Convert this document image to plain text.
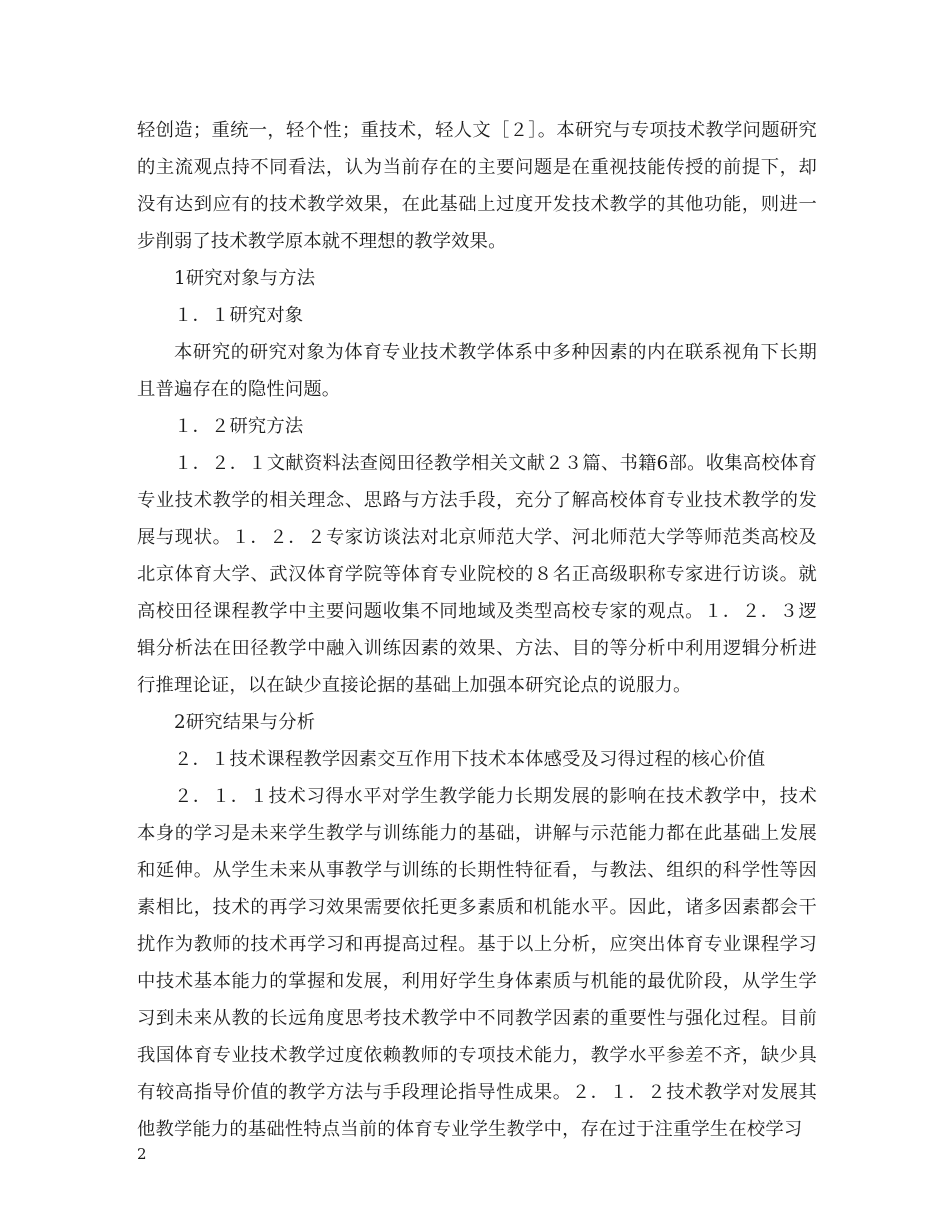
轻创造；重统一，轻个性；重技术，轻人文［２］。本研究与专项技术教学问题研究的主流观点持不同看法，认为当前存在的主要问题是在重视技能传授的前提下，却没有达到应有的技术教学效果，在此基础上过度开发技术教学的其他功能，则进一步削弱了技术教学原本就不理想的教学效果。

1研究对象与方法

１．１研究对象

本研究的研究对象为体育专业技术教学体系中多种因素的内在联系视角下长期且普遍存在的隐性问题。

１．２研究方法

１．２．１文献资料法查阅田径教学相关文献２３篇、书籍6部。收集高校体育专业技术教学的相关理念、思路与方法手段，充分了解高校体育专业技术教学的发展与现状。１．２．２专家访谈法对北京师范大学、河北师范大学等师范类高校及北京体育大学、武汉体育学院等体育专业院校的８名正高级职称专家进行访谈。就高校田径课程教学中主要问题收集不同地域及类型高校专家的观点。１．２．３逻辑分析法在田径教学中融入训练因素的效果、方法、目的等分析中利用逻辑分析进行推理论证，以在缺少直接论据的基础上加强本研究论点的说服力。

2研究结果与分析

２．１技术课程教学因素交互作用下技术本体感受及习得过程的核心价值

２．１．１技术习得水平对学生教学能力长期发展的影响在技术教学中，技术本身的学习是未来学生教学与训练能力的基础，讲解与示范能力都在此基础上发展和延伸。从学生未来从事教学与训练的长期性特征看，与教法、组织的科学性等因素相比，技术的再学习效果需要依托更多素质和机能水平。因此，诸多因素都会干扰作为教师的技术再学习和再提高过程。基于以上分析，应突出体育专业课程学习中技术基本能力的掌握和发展，利用好学生身体素质与机能的最优阶段，从学生学习到未来从教的长远角度思考技术教学中不同教学因素的重要性与强化过程。目前我国体育专业技术教学过度依赖教师的专项技术能力，教学水平参差不齐，缺少具有较高指导价值的教学方法与手段理论指导性成果。２．１．２技术教学对发展其他教学能力的基础性特点当前的体育专业学生教学中，存在过于注重学生在校学习

2
